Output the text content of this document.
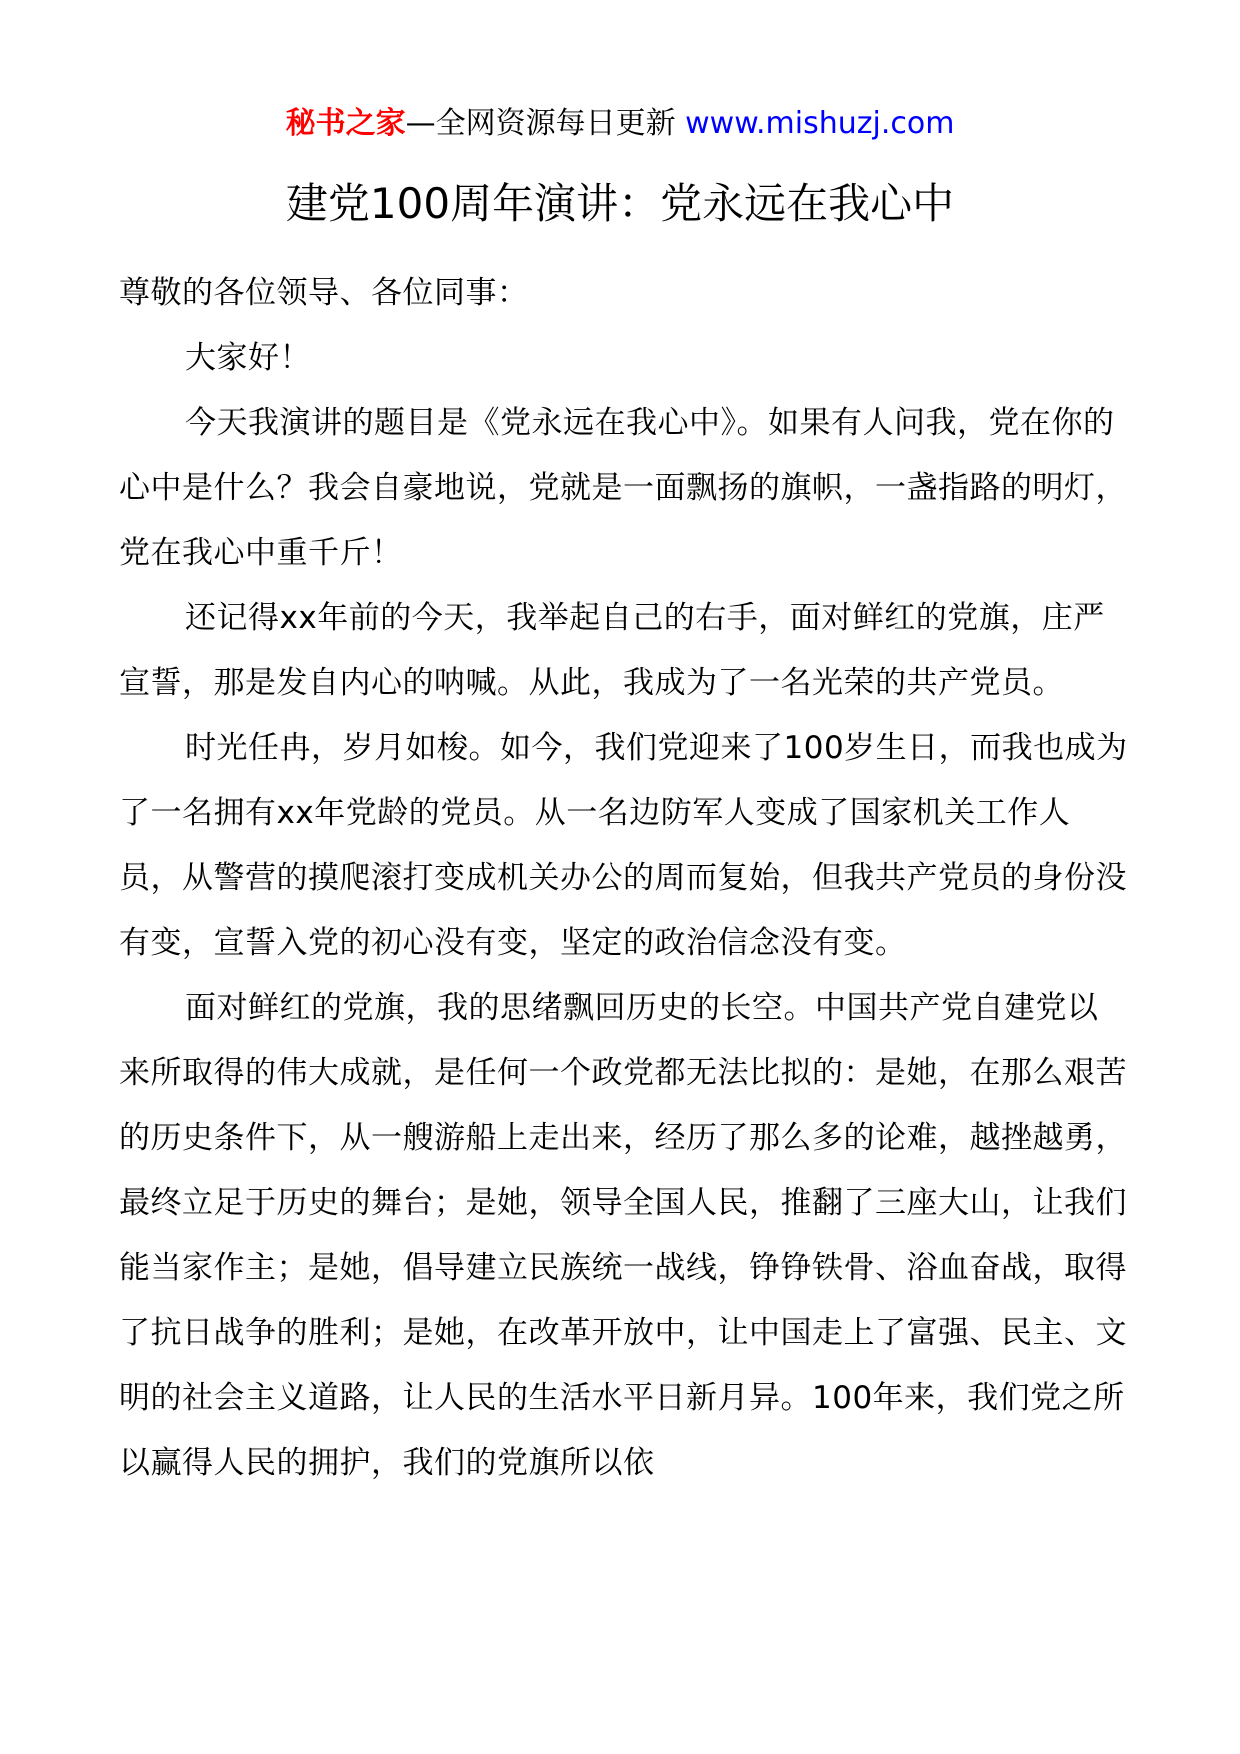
秘书之家—全网资源每日更新 www.mishuzj.com
建党100周年演讲：党永远在我心中

尊敬的各位领导、各位同事：

大家好！

今天我演讲的题目是《党永远在我心中》。如果有人问我，党在你的心中是什么？我会自豪地说，党就是一面飘扬的旗帜，一盏指路的明灯，党在我心中重千斤！

还记得xx年前的今天，我举起自己的右手，面对鲜红的党旗，庄严宣誓，那是发自内心的呐喊。从此，我成为了一名光荣的共产党员。

时光任冉，岁月如梭。如今，我们党迎来了100岁生日，而我也成为了一名拥有xx年党龄的党员。从一名边防军人变成了国家机关工作人员，从警营的摸爬滚打变成机关办公的周而复始，但我共产党员的身份没有变，宣誓入党的初心没有变，坚定的政治信念没有变。

面对鲜红的党旗，我的思绪飘回历史的长空。中国共产党自建党以来所取得的伟大成就，是任何一个政党都无法比拟的：是她，在那么艰苦的历史条件下，从一艘游船上走出来，经历了那么多的论难，越挫越勇，最终立足于历史的舞台；是她，领导全国人民，推翻了三座大山，让我们能当家作主；是她，倡导建立民族统一战线，铮铮铁骨、浴血奋战，取得了抗日战争的胜利；是她，在改革开放中，让中国走上了富强、民主、文明的社会主义道路，让人民的生活水平日新月异。100年来，我们党之所以赢得人民的拥护，我们的党旗所以依
